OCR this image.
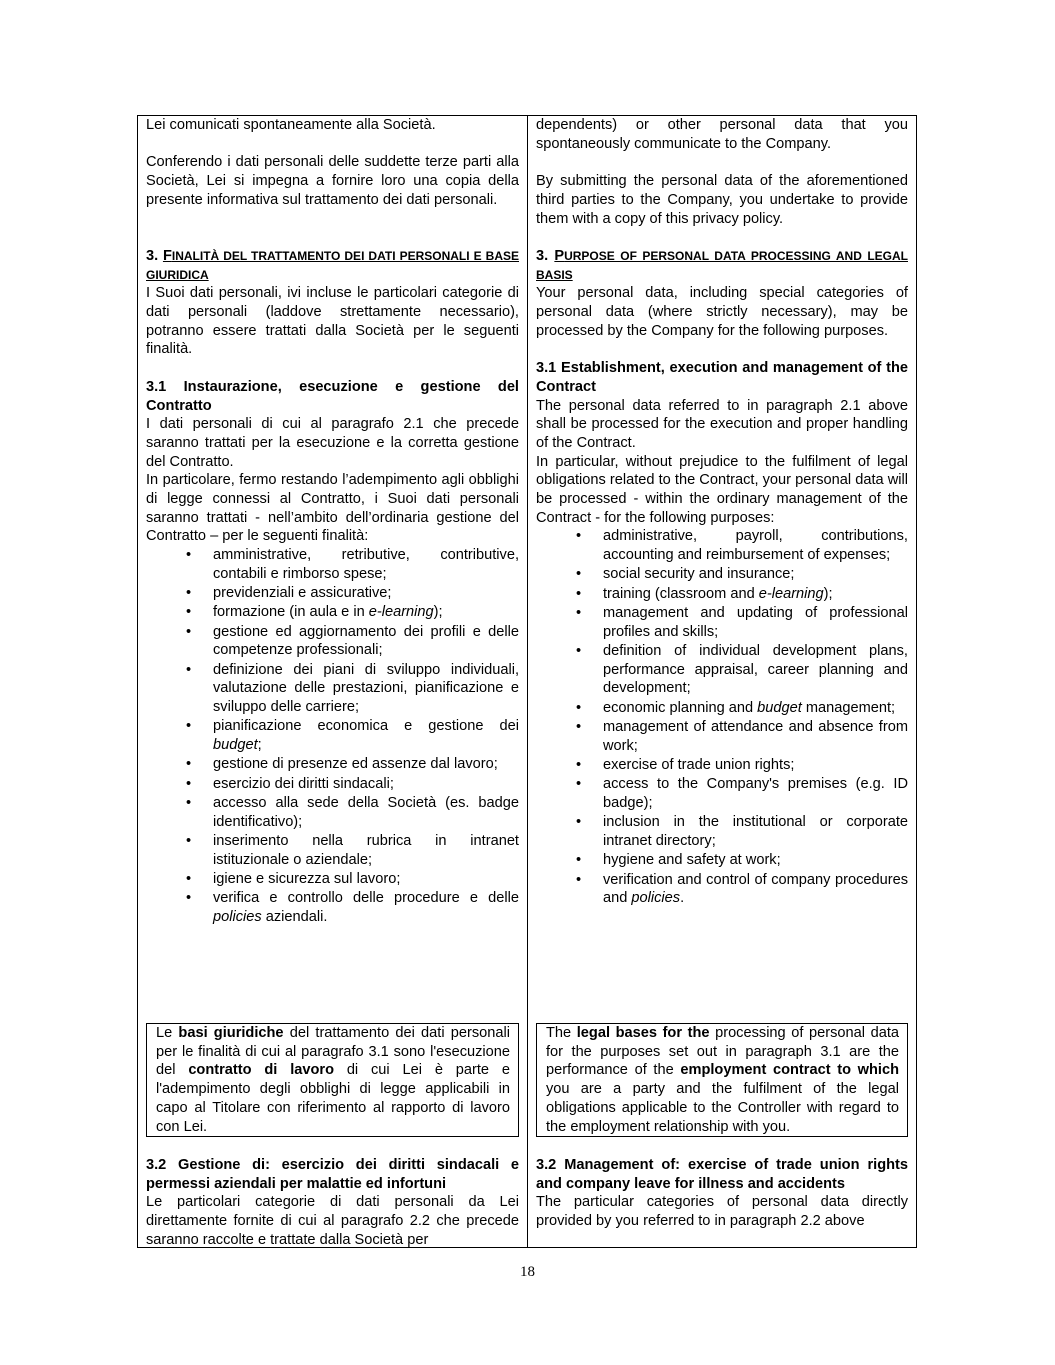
Lei comunicati spontaneamente alla Società.

Conferendo i dati personali delle suddette terze parti alla Società, Lei si impegna a fornire loro una copia della presente informativa sul trattamento dei dati personali.

3. FINALITÀ DEL TRATTAMENTO DEI DATI PERSONALI E BASE GIURIDICA

I Suoi dati personali, ivi incluse le particolari categorie di dati personali (laddove strettamente necessario), potranno essere trattati dalla Società per le seguenti finalità.

3.1 Instaurazione, esecuzione e gestione del Contratto

I dati personali di cui al paragrafo 2.1 che precede saranno trattati per la esecuzione e la corretta gestione del Contratto.

In particolare, fermo restando l’adempimento agli obblighi di legge connessi al Contratto, i Suoi dati personali saranno trattati - nell’ambito dell’ordinaria gestione del Contratto – per le seguenti finalità:

• amministrative, retributive, contributive, contabili e rimborso spese;
• previdenziali e assicurative;
• formazione (in aula e in e-learning);
• gestione ed aggiornamento dei profili e delle competenze professionali;
• definizione dei piani di sviluppo individuali, valutazione delle prestazioni, pianificazione e sviluppo delle carriere;
• pianificazione economica e gestione dei budget;
• gestione di presenze ed assenze dal lavoro;
• esercizio dei diritti sindacali;
• accesso alla sede della Società (es. badge identificativo);
• inserimento nella rubrica in intranet istituzionale o aziendale;
• igiene e sicurezza sul lavoro;
• verifica e controllo delle procedure e delle policies aziendali.

dependents) or other personal data that you spontaneously communicate to the Company.

By submitting the personal data of the aforementioned third parties to the Company, you undertake to provide them with a copy of this privacy policy.

3. PURPOSE OF PERSONAL DATA PROCESSING AND LEGAL BASIS

Your personal data, including special categories of personal data (where strictly necessary), may be processed by the Company for the following purposes.

3.1 Establishment, execution and management of the Contract

The personal data referred to in paragraph 2.1 above shall be processed for the execution and proper handling of the Contract.

In particular, without prejudice to the fulfilment of legal obligations related to the Contract, your personal data will be processed - within the ordinary management of the Contract - for the following purposes:

• administrative, payroll, contributions, accounting and reimbursement of expenses;
• social security and insurance;
• training (classroom and e-learning);
• management and updating of professional profiles and skills;
• definition of individual development plans, performance appraisal, career planning and development;
• economic planning and budget management;
• management of attendance and absence from work;
• exercise of trade union rights;
• access to the Company's premises (e.g. ID badge);
• inclusion in the institutional or corporate intranet directory;
• hygiene and safety at work;
• verification and control of company procedures and policies.
Le basi giuridiche del trattamento dei dati personali per le finalità di cui al paragrafo 3.1 sono l'esecuzione del contratto di lavoro di cui Lei è parte e l'adempimento degli obblighi di legge applicabili in capo al Titolare con riferimento al rapporto di lavoro con Lei.

3.2 Gestione di: esercizio dei diritti sindacali e permessi aziendali per malattie ed infortuni

Le particolari categorie di dati personali da Lei direttamente fornite di cui al paragrafo 2.2 che precede saranno raccolte e trattate dalla Società per

The legal bases for the processing of personal data for the purposes set out in paragraph 3.1 are the performance of the employment contract to which you are a party and the fulfilment of the legal obligations applicable to the Controller with regard to the employment relationship with you.

3.2 Management of: exercise of trade union rights and company leave for illness and accidents

The particular categories of personal data directly provided by you referred to in paragraph 2.2 above

18
